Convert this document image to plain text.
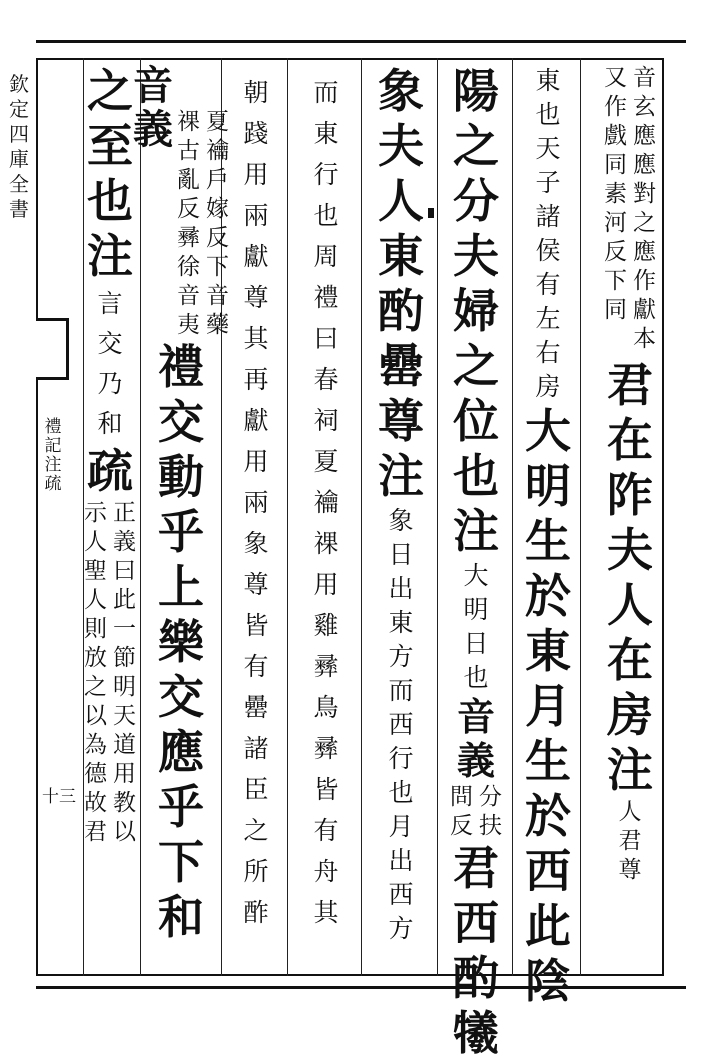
欽
定
四
庫
全
書
禮
記
注
疏
十三
音
玄
應
應
對
之
應
作
獻
本
又
作
戲
同
素
河
反
下
同
君
在
阼
夫
人
在
房
注
人
君
尊
東
也
天
子
諸
侯
有
左
右
房
大
明
生
於
東
月
生
於
西
此
陰
陽
之
分
夫
婦
之
位
也
注
大
明
日
也
音
義
分
扶
問
反
君
西
酌
犧
象
夫
人
東
酌
罍
尊
注
象
日
出
東
方
而
西
行
也
月
出
西
方
而
東
行
也
周
禮
曰
春
祠
夏
禴
祼
用
雞
彞
鳥
彞
皆
有
舟
其
朝
踐
用
兩
獻
尊
其
再
獻
用
兩
象
尊
皆
有
罍
諸
臣
之
所
酢
音
義 夏
禴
戶
嫁
反
下
音
藥
祼
古
亂
反
彞
徐
音
夷
禮
交
動
乎
上
樂
交
應
乎
下
和
之
至
也
注
言
交
乃
和
疏
正
義
曰
此
一
節
明
天
道
用
教
以
示
人
聖
人
則
放
之
以
為
德
故
君
